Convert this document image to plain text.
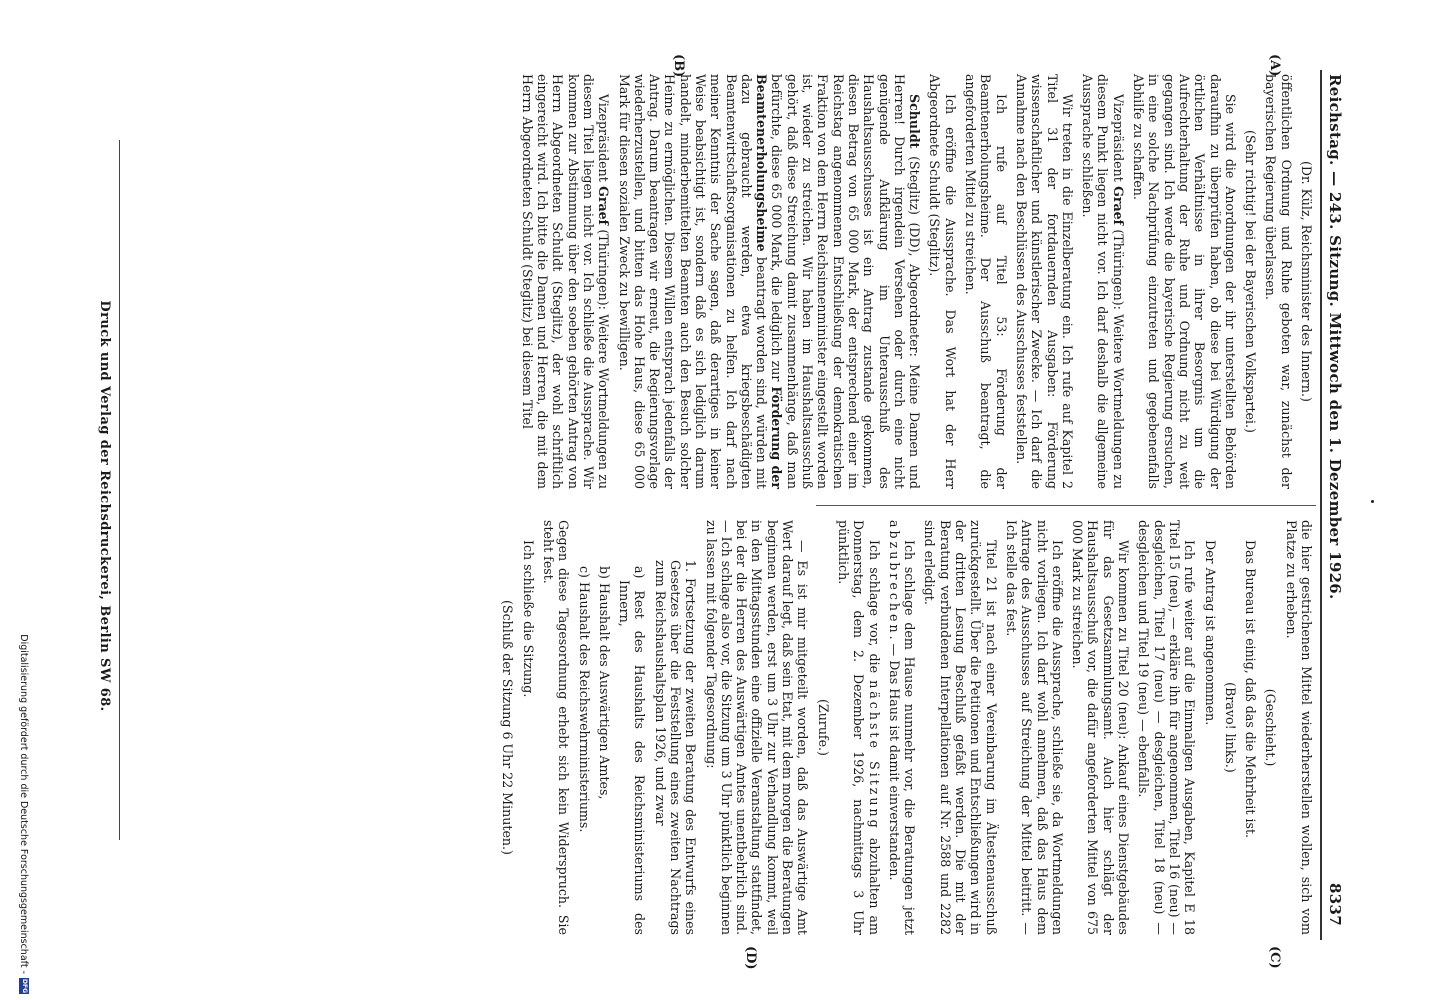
Reichstag. — 243. Sitzung. Mittwoch den 1. Dezember 1926.
8337
(A)
(B)
(C)
(D)

(Dr. Külz, Reichsminister des Innern.)

öffentlichen Ordnung und Ruhe geboten war, zunächst der bayerischen Regierung überlassen.

(Sehr richtig! bei der Bayerischen Volkspartei.)

Sie wird die Anordnungen der ihr unterstellten Behörden daraufhin zu überprüfen haben, ob diese bei Würdigung der örtlichen Verhältnisse in ihrer Besorgnis um die Aufrechterhaltung der Ruhe und Ordnung nicht zu weit gegangen sind. Ich werde die bayerische Regierung ersuchen, in eine solche Nachprüfung einzutreten und gegebenenfalls Abhilfe zu schaffen.

Vizepräsident Graef (Thüringen): Weitere Wortmeldungen zu diesem Punkt liegen nicht vor. Ich darf deshalb die allgemeine Aussprache schließen.

Wir treten in die Einzelberatung ein. Ich rufe auf Kapitel 2 Titel 31 der fortdauernden Ausgaben: Förderung wissenschaftlicher und künstlerischer Zwecke. — Ich darf die Annahme nach den Beschlüssen des Ausschusses feststellen.

Ich rufe auf Titel 53: Förderung der Beamtenerholungsheime. Der Ausschuß beantragt, die angeforderten Mittel zu streichen.

Ich eröffne die Aussprache. Das Wort hat der Herr Abgeordnete Schuldt (Steglitz).

Schuldt (Steglitz) (DD), Abgeordneter: Meine Damen und Herren! Durch irgendein Versehen oder durch eine nicht genügende Aufklärung im Unterausschuß des Haushaltsausschusses ist ein Antrag zustande gekommen, diesen Betrag von 65 000 Mark, der entsprechend einer im Reichstag angenommenen Entschließung der demokratischen Fraktion von dem Herrn Reichsinnenminister eingestellt worden ist, wieder zu streichen. Wir haben im Haushaltsausschuß gehört, daß diese Streichung damit zusammenhänge, daß man befürchte, diese 65 000 Mark, die lediglich zur Förderung der Beamtenerholungsheime beantragt worden sind, würden mit dazu gebraucht werden, etwa kriegsbeschädigten Beamtenwirtschaftsorganisationen zu helfen. Ich darf nach meiner Kenntnis der Sache sagen, daß derartiges in keiner Weise beabsichtigt ist, sondern daß es sich lediglich darum handelt, minderbemittelten Beamten auch den Besuch solcher Heime zu ermöglichen. Diesem Willen entsprach jedenfalls der Antrag. Darum beantragen wir erneut, die Regierungsvorlage wiederherzustellen, und bitten das Hohe Haus, diese 65 000 Mark für diesen sozialen Zweck zu bewilligen.

Vizepräsident Graef (Thüringen): Weitere Wortmeldungen zu diesem Titel liegen nicht vor. Ich schließe die Aussprache. Wir kommen zur Abstimmung über den soeben gehörten Antrag von Herrn Abgeordneten Schuldt (Steglitz), der wohl schriftlich eingereicht wird. Ich bitte die Damen und Herren, die mit dem Herrn Abgeordneten Schuldt (Steglitz) bei diesem Titel

die hier gestrichenen Mittel wiederherstellen wollen, sich vom Platze zu erheben.

(Geschieht.)

Das Bureau ist einig, daß das die Mehrheit ist.

(Bravo! links.)

Der Antrag ist angenommen.

Ich rufe weiter auf die Einmaligen Ausgaben, Kapitel E 18 Titel 15 (neu), — erkläre ihn für angenommen, Titel 16 (neu) — desgleichen, Titel 17 (neu) — desgleichen, Titel 18 (neu) — desgleichen und Titel 19 (neu) — ebenfalls.

Wir kommen zu Titel 20 (neu): Ankauf eines Dienstgebäudes für das Gesetzsammlungsamt. Auch hier schlägt der Haushaltsausschuß vor, die dafür angeforderten Mittel von 675 000 Mark zu streichen.

Ich eröffne die Aussprache, schließe sie, da Wortmeldungen nicht vorliegen. Ich darf wohl annehmen, daß das Haus dem Antrage des Ausschusses auf Streichung der Mittel beitritt. — Ich stelle das fest.

Titel 21 ist nach einer Vereinbarung im Ältestenausschuß zurückgestellt. Über die Petitionen und Entschließungen wird in der dritten Lesung Beschluß gefaßt werden. Die mit der Beratung verbundenen Interpellationen auf Nr. 2588 und 2282 sind erledigt.

Ich schlage dem Hause nunmehr vor, die Beratungen jetzt abzubrechen. — Das Haus ist damit einverstanden.

Ich schlage vor, die nächste Sitzung abzuhalten am Donnerstag, dem 2. Dezember 1926, nachmittags 3 Uhr pünktlich.

(Zurufe.)

— Es ist mir mitgeteilt worden, daß das Auswärtige Amt Wert darauf legt, daß sein Etat, mit dem morgen die Beratungen beginnen werden, erst um 3 Uhr zur Verhandlung kommt, weil in den Mittagsstunden eine offizielle Veranstaltung stattfindet, bei der die Herren des Auswärtigen Amtes unentbehrlich sind. — Ich schlage also vor, die Sitzung um 3 Uhr pünktlich beginnen zu lassen mit folgender Tagesordnung:

1. Fortsetzung der zweiten Beratung des Entwurfs eines Gesetzes über die Feststellung eines zweiten Nachtrags zum Reichshaushaltsplan 1926, und zwar

a) Rest des Haushalts des Reichsministeriums des Innern,

b) Haushalt des Auswärtigen Amtes,

c) Haushalt des Reichswehrministeriums.

Gegen diese Tagesordnung erhebt sich kein Widerspruch. Sie steht fest.

Ich schließe die Sitzung.

(Schluß der Sitzung 6 Uhr 22 Minuten.)

Druck und Verlag der Reichsdruckerei, Berlin SW 68.
Digitalisierung gefördert durch die Deutsche Forschungsgemeinschaft -
DFG
